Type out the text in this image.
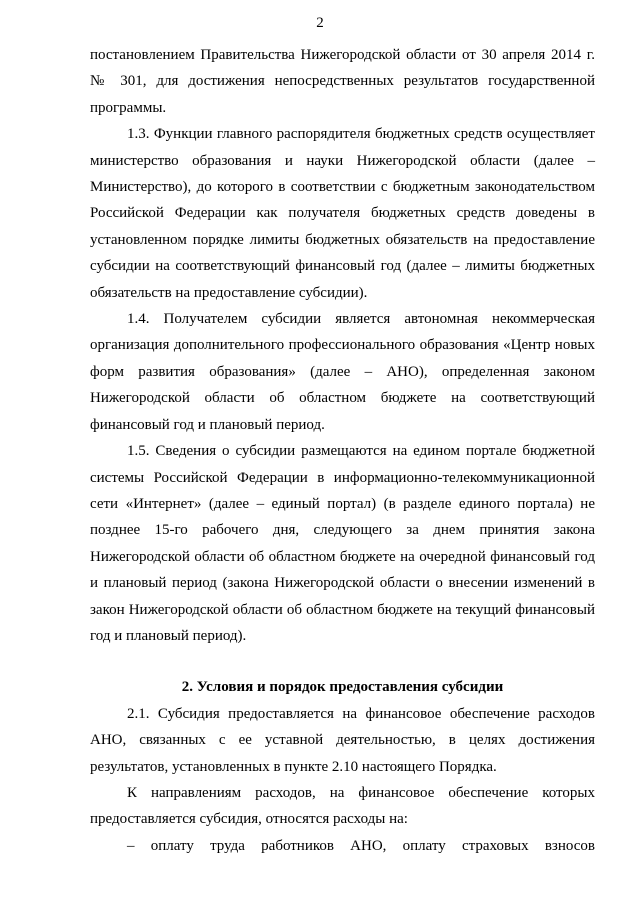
2

постановлением Правительства Нижегородской области от 30 апреля 2014 г. № 301, для достижения непосредственных результатов государственной программы.

1.3. Функции главного распорядителя бюджетных средств осуществляет министерство образования и науки Нижегородской области (далее – Министерство), до которого в соответствии с бюджетным законодательством Российской Федерации как получателя бюджетных средств доведены в установленном порядке лимиты бюджетных обязательств на предоставление субсидии на соответствующий финансовый год (далее – лимиты бюджетных обязательств на предоставление субсидии).

1.4. Получателем субсидии является автономная некоммерческая организация дополнительного профессионального образования «Центр новых форм развития образования» (далее – АНО), определенная законом Нижегородской области об областном бюджете на соответствующий финансовый год и плановый период.

1.5. Сведения о субсидии размещаются на едином портале бюджетной системы Российской Федерации в информационно-телекоммуникационной сети «Интернет» (далее – единый портал) (в разделе единого портала) не позднее 15-го рабочего дня, следующего за днем принятия закона Нижегородской области об областном бюджете на очередной финансовый год и плановый период (закона Нижегородской области о внесении изменений в закон Нижегородской области об областном бюджете на текущий финансовый год и плановый период).

2. Условия и порядок предоставления субсидии

2.1. Субсидия предоставляется на финансовое обеспечение расходов АНО, связанных с ее уставной деятельностью, в целях достижения результатов, установленных в пункте 2.10 настоящего Порядка.

К направлениям расходов, на финансовое обеспечение которых предоставляется субсидия, относятся расходы на:

– оплату труда работников АНО, оплату страховых взносов
